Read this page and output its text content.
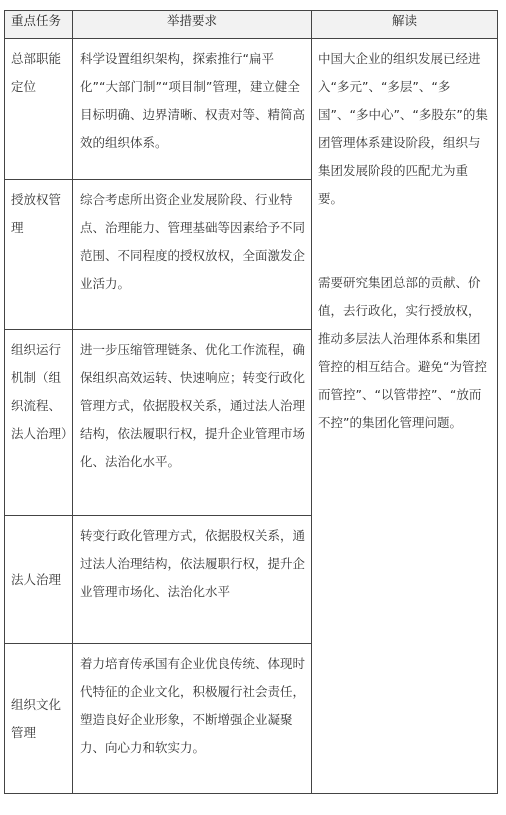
重点任务	举措要求	解读

总部职能定位	科学设置组织架构，探索推行“扁平化”“大部门制”“项目制”管理，建立健全目标明确、边界清晰、权责对等、精简高效的组织体系。	中国大企业的组织发展已经进入“多元”、“多层”、“多国”、“多中心”、“多股东”的集团管理体系建设阶段，组织与集团发展阶段的匹配尤为重要。
需要研究集团总部的贡献、价值，去行政化，实行授放权，推动多层法人治理体系和集团管控的相互结合。避免“为管控而管控”、“以管带控”、“放而不控”的集团化管理问题。

授放权管理	综合考虑所出资企业发展阶段、行业特点、治理能力、管理基础等因素给予不同范围、不同程度的授权放权，全面激发企业活力。	

组织运行机制（组织流程、法人治理）	进一步压缩管理链条、优化工作流程，确保组织高效运转、快速响应；转变行政化管理方式，依据股权关系，通过法人治理结构，依法履职行权，提升企业管理市场化、法治化水平。	

法人治理	转变行政化管理方式，依据股权关系，通过法人治理结构，依法履职行权，提升企业管理市场化、法治化水平	

组织文化管理	着力培育传承国有企业优良传统、体现时代特征的企业文化，积极履行社会责任，塑造良好企业形象，不断增强企业凝聚力、向心力和软实力。	
